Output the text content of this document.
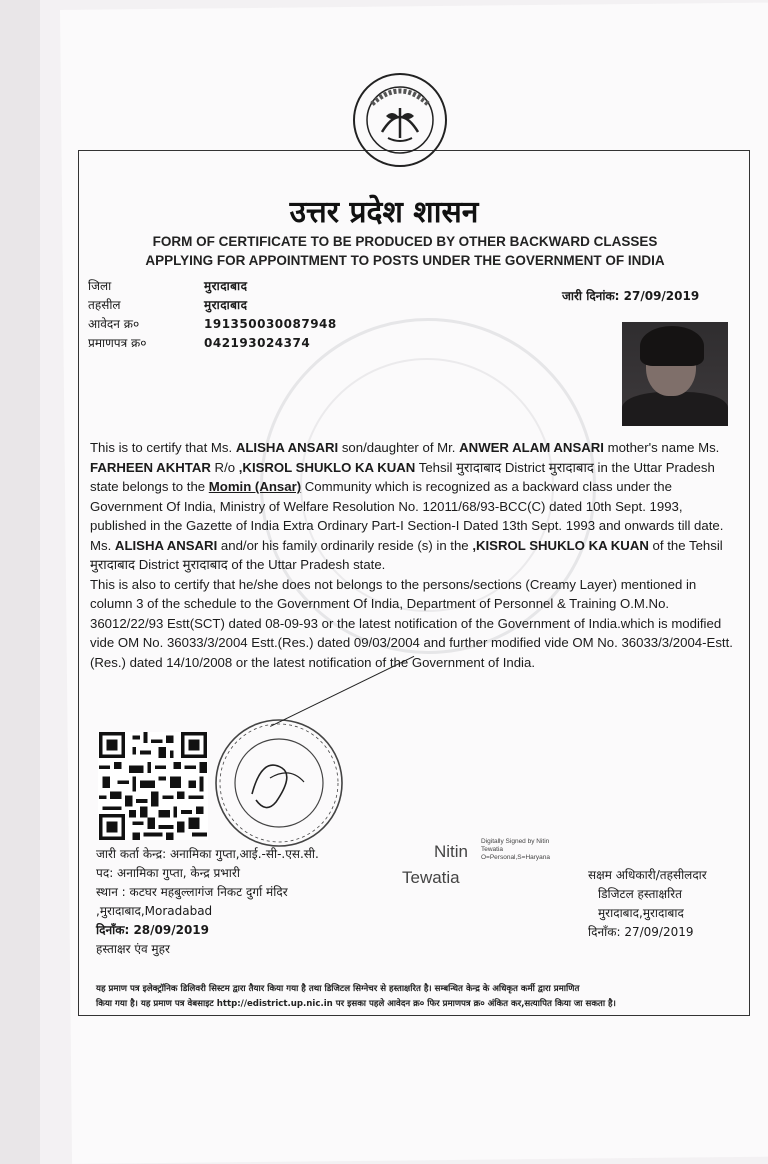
उत्तर प्रदेश शासन
FORM OF CERTIFICATE TO BE PRODUCED BY OTHER BACKWARD CLASSES
APPLYING FOR APPOINTMENT TO POSTS UNDER THE GOVERNMENT OF INDIA
जिला	मुरादाबाद
तहसील	मुरादाबाद
आवेदन क्र०	191350030087948
प्रमाणपत्र क्र०	042193024374
जारी दिनांक: 27/09/2019

This is to certify that Ms. ALISHA ANSARI son/daughter of Mr. ANWER ALAM ANSARI mother's name Ms. FARHEEN AKHTAR R/o ,KISROL SHUKLO KA KUAN Tehsil मुरादाबाद District मुरादाबाद in the Uttar Pradesh state belongs to the Momin (Ansar) Community which is recognized as a backward class under the Government Of India, Ministry of Welfare Resolution No. 12011/68/93-BCC(C) dated 10th Sept. 1993, published in the Gazette of India Extra Ordinary Part-I Section-I Dated 13th Sept. 1993 and onwards till date.

Ms. ALISHA ANSARI and/or his family ordinarily reside (s) in the ,KISROL SHUKLO KA KUAN of the Tehsil मुरादाबाद District मुरादाबाद of the Uttar Pradesh state.

This is also to certify that he/she does not belongs to the persons/sections (Creamy Layer) mentioned in column 3 of the schedule to the Government Of India, Department of Personnel & Training O.M.No. 36012/22/93 Estt(SCT) dated 08-09-93 or the latest notification of the Government of India.which is modified vide OM No. 36033/3/2004 Estt.(Res.) dated 09/03/2004 and further modified vide OM No. 36033/3/2004-Estt. (Res.) dated 14/10/2008 or the latest notification of the Government of India.

जारी कर्ता केन्द्र: अनामिका गुप्ता,आई.-सी-.एस.सी.
पद: अनामिका गुप्ता, केन्द्र प्रभारी
स्थान : कटघर महबुल्लागंज निकट दुर्गा मंदिर
,मुरादाबाद,Moradabad
दिनाँक: 28/09/2019
हस्ताक्षर एंव मुहर
Nitin
Digitally Signed by Nitin
Tewatia
O=Personal,S=Haryana
Tewatia	सक्षम अधिकारी/तहसीलदार
डिजिटल हस्ताक्षरित
मुरादाबाद,मुरादाबाद
दिनाँक: 27/09/2019
यह प्रमाण पत्र इलेक्ट्रॉनिक डिलिवरी सिस्टम द्वारा तैयार किया गया है तथा डिजिटल सिग्नेचर से हस्ताक्षरित है। सम्बन्धित केन्द्र के अधिकृत कर्मी द्वारा प्रमाणित
किया गया है। यह प्रमाण पत्र वेबसाइट http://edistrict.up.nic.in पर इसका पहले आवेदन क्र० फिर प्रमाणपत्र क्र० अंकित कर,सत्यापित किया जा सकता है।
